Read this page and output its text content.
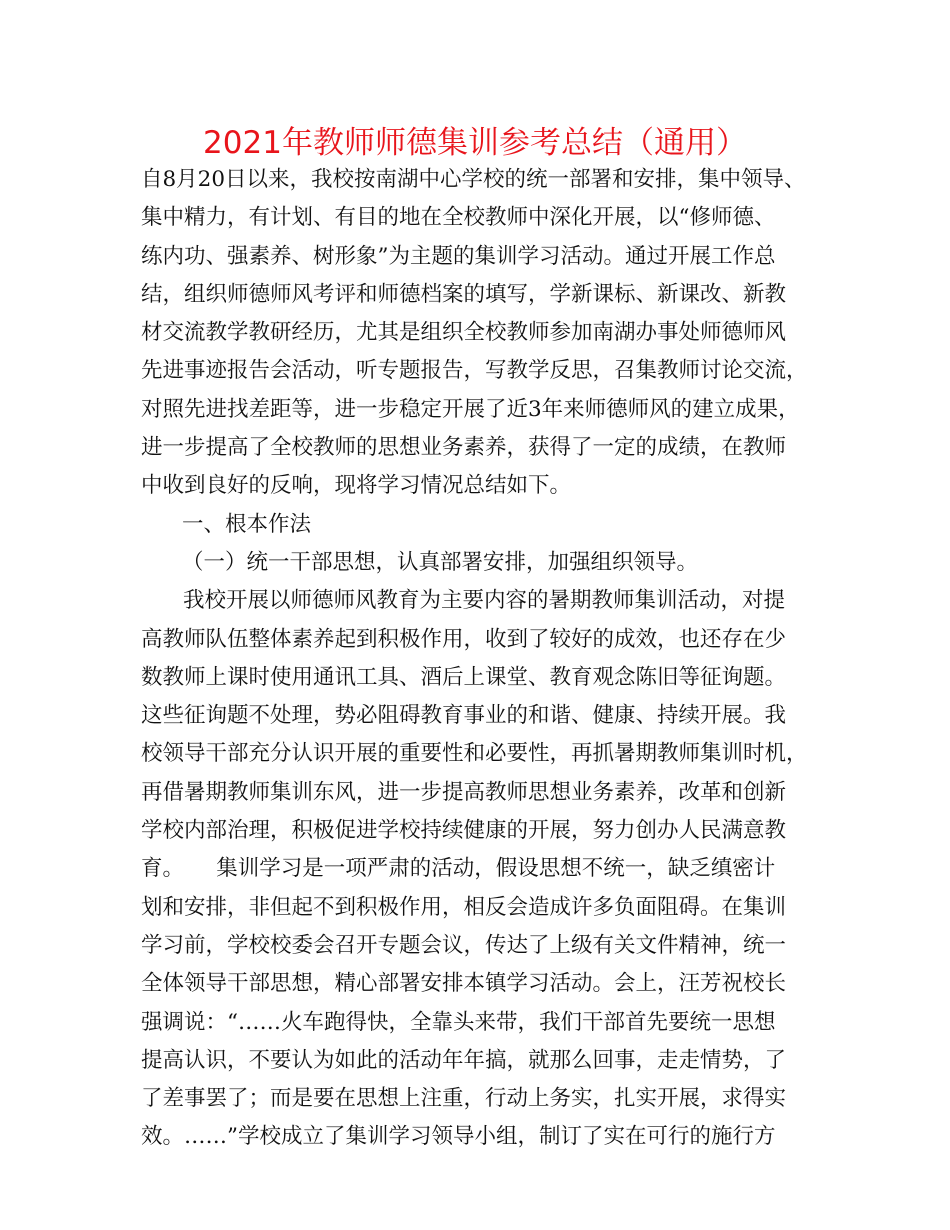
2021年教师师德集训参考总结（通用）
自8月20日以来，我校按南湖中心学校的统一部署和安排，集中领导、
集中精力，有计划、有目的地在全校教师中深化开展，以“修师德、
练内功、强素养、树形象”为主题的集训学习活动。通过开展工作总
结，组织师德师风考评和师德档案的填写，学新课标、新课改、新教
材交流教学教研经历，尤其是组织全校教师参加南湖办事处师德师风
先进事迹报告会活动，听专题报告，写教学反思，召集教师讨论交流，
对照先进找差距等，进一步稳定开展了近3年来师德师风的建立成果，
进一步提高了全校教师的思想业务素养，获得了一定的成绩，在教师
中收到良好的反响，现将学习情况总结如下。
一、根本作法
（一）统一干部思想，认真部署安排，加强组织领导。
我校开展以师德师风教育为主要内容的暑期教师集训活动，对提
高教师队伍整体素养起到积极作用，收到了较好的成效，也还存在少
数教师上课时使用通讯工具、酒后上课堂、教育观念陈旧等征询题。
这些征询题不处理，势必阻碍教育事业的和谐、健康、持续开展。我
校领导干部充分认识开展的重要性和必要性，再抓暑期教师集训时机，
再借暑期教师集训东风，进一步提高教师思想业务素养，改革和创新
学校内部治理，积极促进学校持续健康的开展，努力创办人民满意教
育。　　集训学习是一项严肃的活动，假设思想不统一，缺乏缜密计
划和安排，非但起不到积极作用，相反会造成许多负面阻碍。在集训
学习前，学校校委会召开专题会议，传达了上级有关文件精神，统一
全体领导干部思想，精心部署安排本镇学习活动。会上，汪芳祝校长
强调说：“……火车跑得快，全靠头来带，我们干部首先要统一思想
提高认识，不要认为如此的活动年年搞，就那么回事，走走情势，了
了差事罢了；而是要在思想上注重，行动上务实，扎实开展，求得实
效。……”学校成立了集训学习领导小组，制订了实在可行的施行方
